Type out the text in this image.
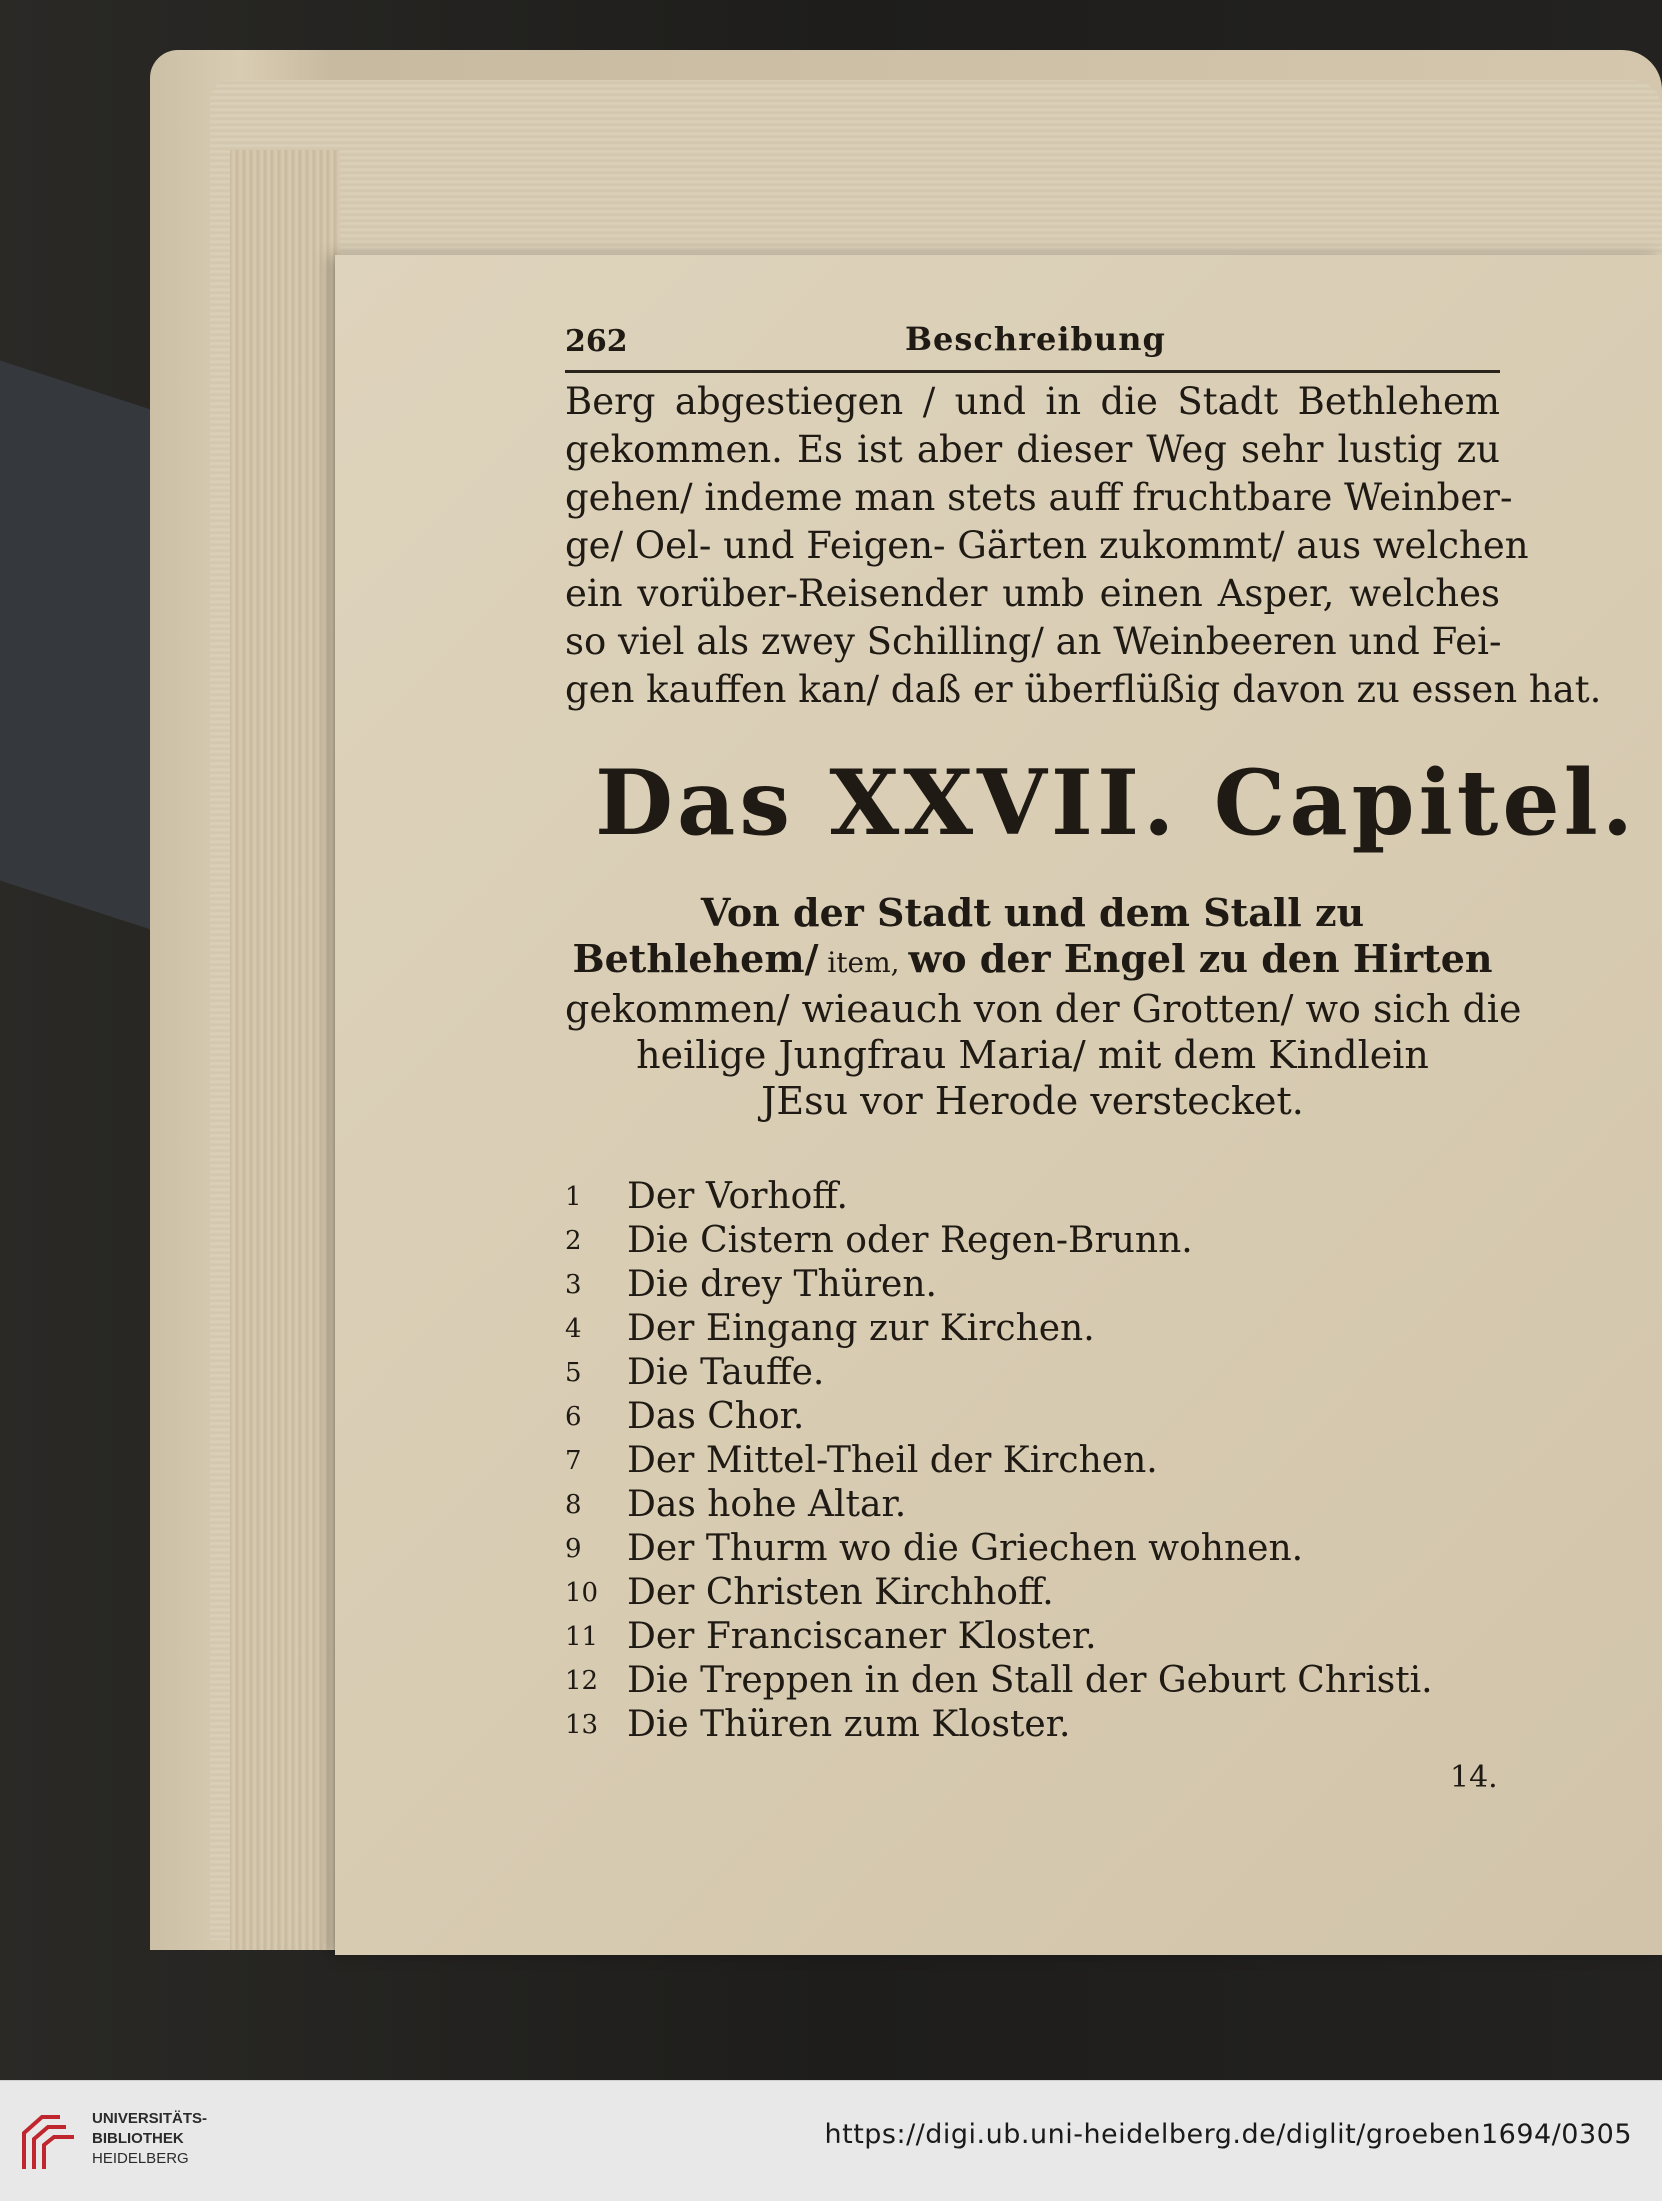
262	Beschreibung
Berg abgestiegen / und in die Stadt Bethlehem
gekommen. Es ist aber dieser Weg sehr lustig zu
gehen/ indeme man stets auff fruchtbare Weinber-
ge/ Oel- und Feigen- Gärten zukommt/ aus welchen
ein vorüber-Reisender umb einen Asper, welches
so viel als zwey Schilling/ an Weinbeeren und Fei-
gen kauffen kan/ daß er überflüßig davon zu essen hat.
Das XXVII. Capitel.
Von der Stadt und dem Stall zu
Bethlehem/ item, wo der Engel zu den Hirten
gekommen/ wieauch von der Grotten/ wo sich die
heilige Jungfrau Maria/ mit dem Kindlein
JEsu vor Herode verstecket.
1	Der Vorhoff.
2	Die Cistern oder Regen-Brunn.
3	Die drey Thüren.
4	Der Eingang zur Kirchen.
5	Die Tauffe.
6	Das Chor.
7	Der Mittel-Theil der Kirchen.
8	Das hohe Altar.
9	Der Thurm wo die Griechen wohnen.
10 Der Christen Kirchhoff.
11 Der Franciscaner Kloster.
12 Die Treppen in den Stall der Geburt Christi.
13 Die Thüren zum Kloster.
14.
UNIVERSITÄTS-
BIBLIOTHEK
HEIDELBERG
https://digi.ub.uni-heidelberg.de/diglit/groeben1694/0305
